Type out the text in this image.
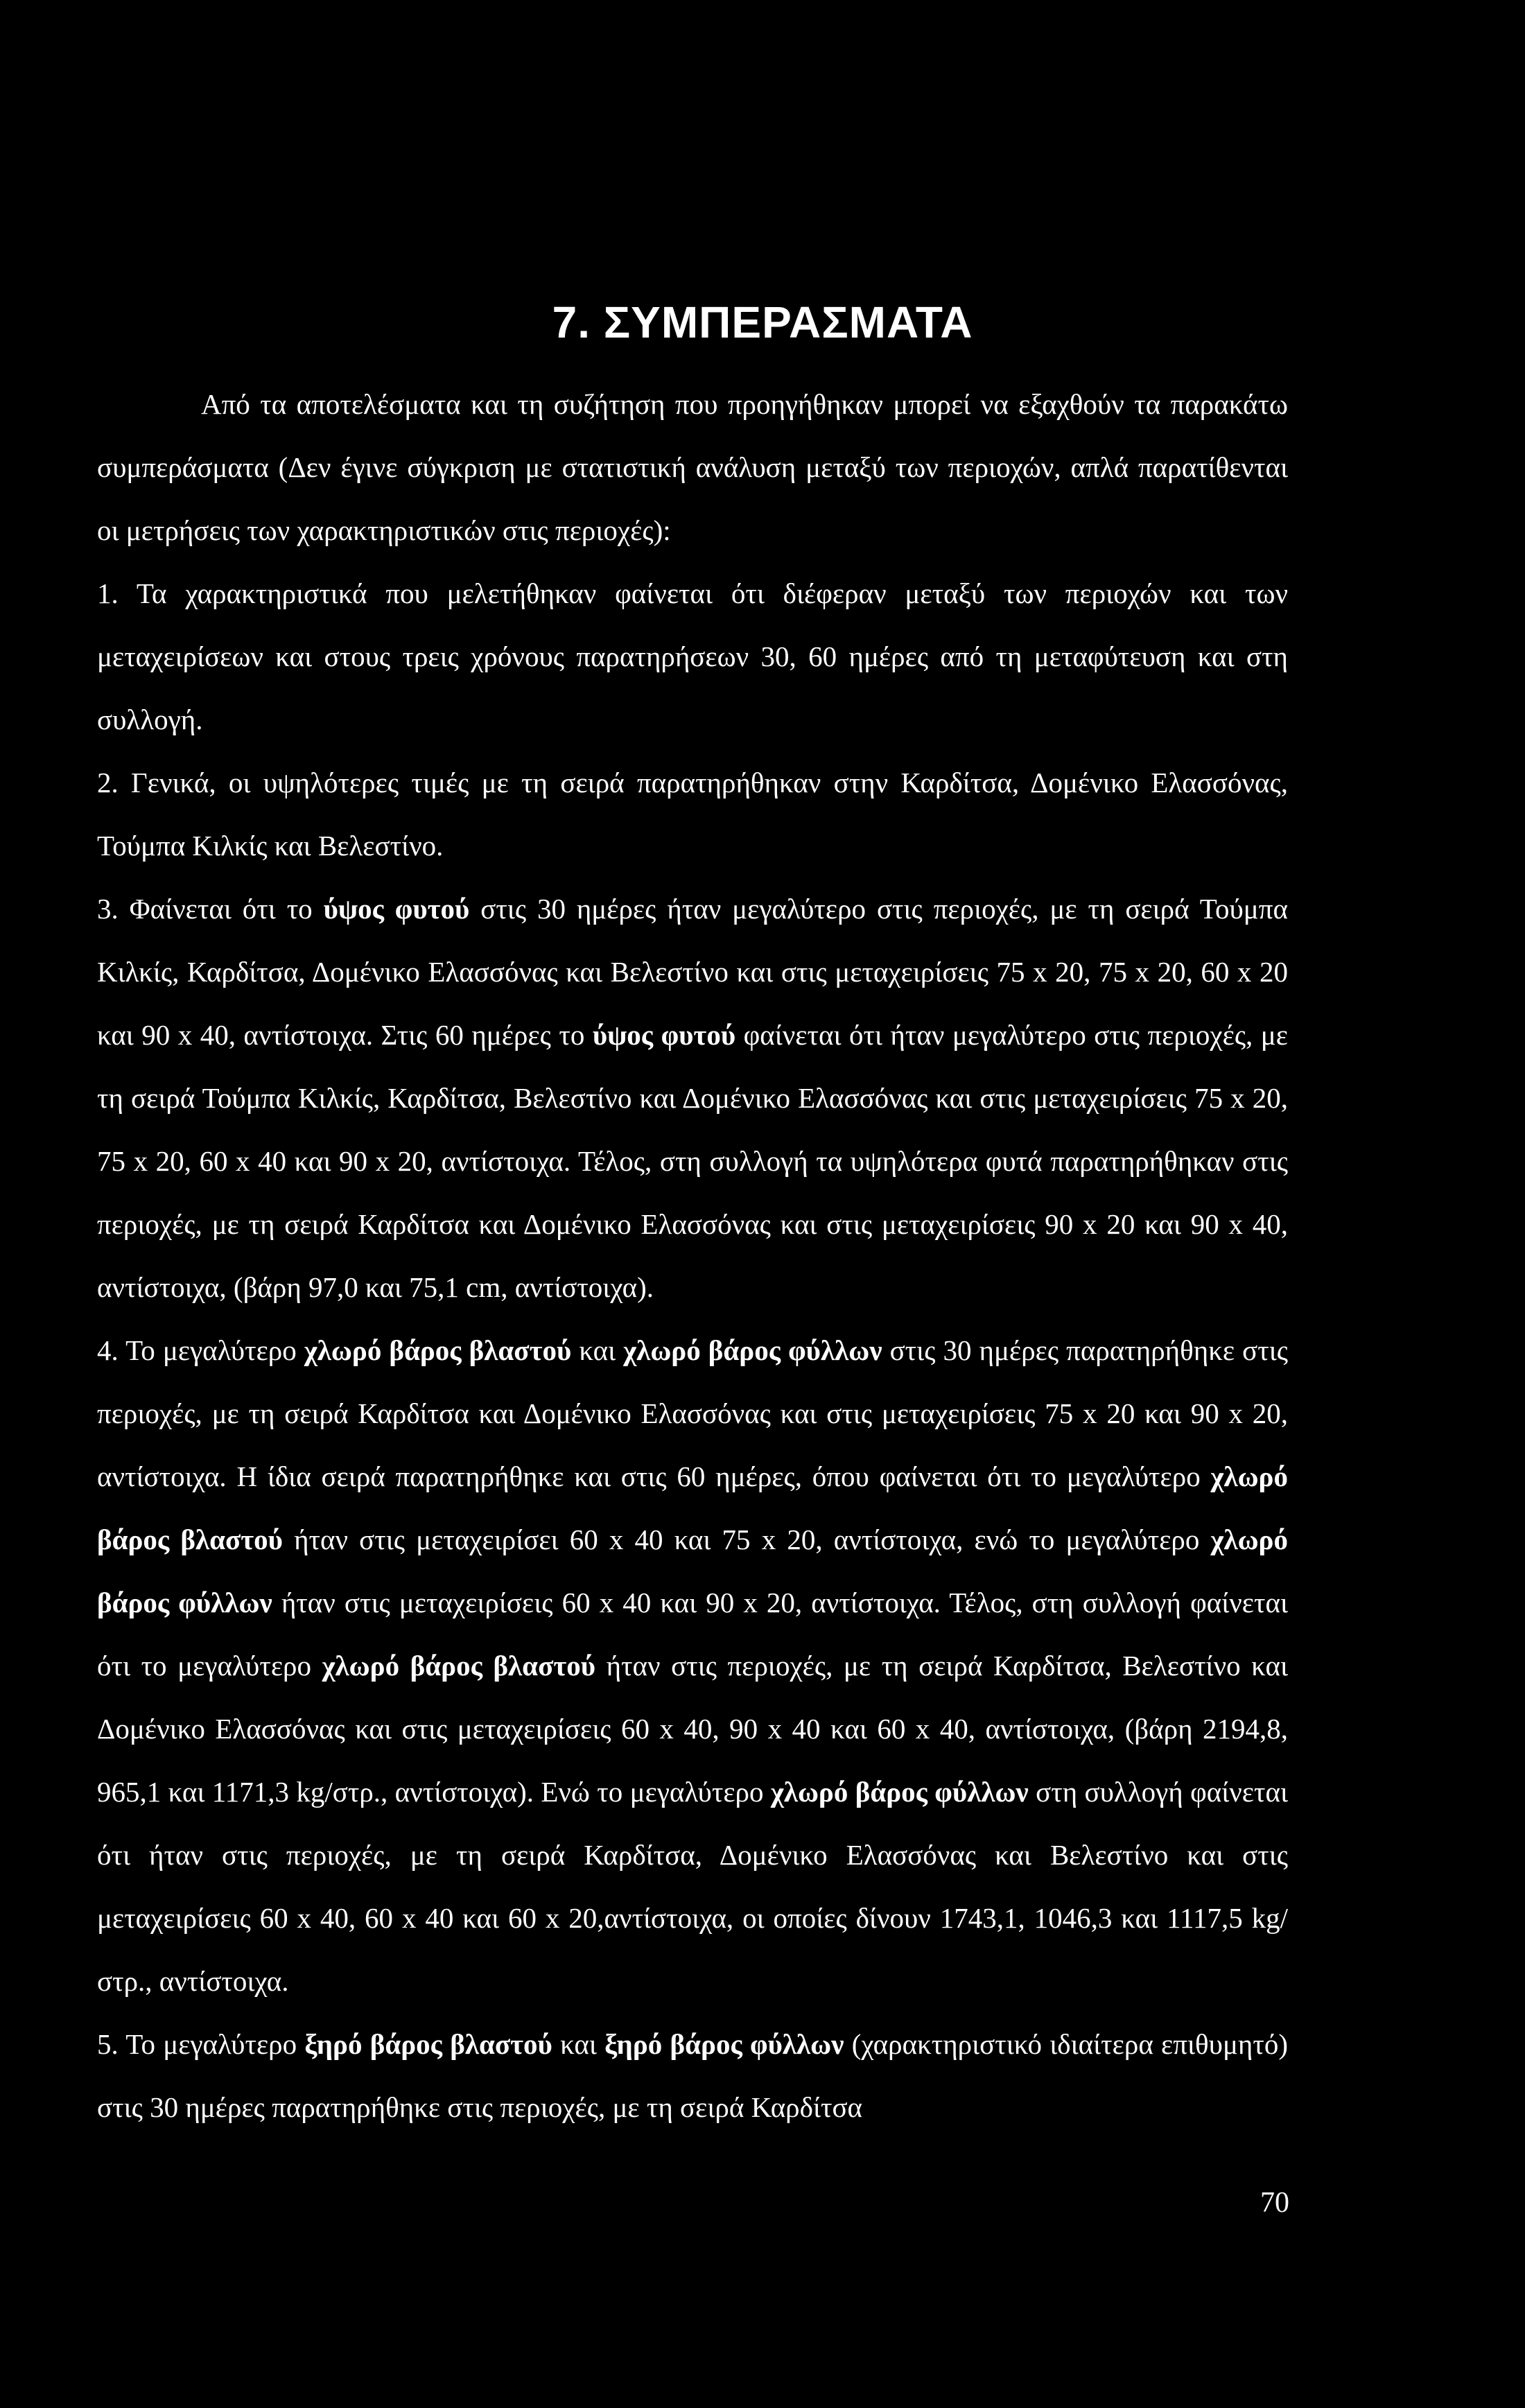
7. ΣΥΜΠΕΡΑΣΜΑΤΑ

Από τα αποτελέσματα και τη συζήτηση που προηγήθηκαν μπορεί να εξαχθούν τα παρακάτω συμπεράσματα (Δεν έγινε σύγκριση με στατιστική ανάλυση μεταξύ των περιοχών, απλά παρατίθενται οι μετρήσεις των χαρακτηριστικών στις περιοχές):

1. Τα χαρακτηριστικά που μελετήθηκαν φαίνεται ότι διέφεραν μεταξύ των περιοχών και των μεταχειρίσεων και στους τρεις χρόνους παρατηρήσεων 30, 60 ημέρες από τη μεταφύτευση και στη συλλογή.

2. Γενικά, οι υψηλότερες τιμές με τη σειρά παρατηρήθηκαν στην Καρδίτσα, Δομένικο Ελασσόνας, Τούμπα Κιλκίς και Βελεστίνο.

3. Φαίνεται ότι το ύψος φυτού στις 30 ημέρες ήταν μεγαλύτερο στις περιοχές, με τη σειρά Τούμπα Κιλκίς, Καρδίτσα, Δομένικο Ελασσόνας και Βελεστίνο και στις μεταχειρίσεις 75 x 20, 75 x 20, 60 x 20 και 90 x 40, αντίστοιχα. Στις 60 ημέρες το ύψος φυτού φαίνεται ότι ήταν μεγαλύτερο στις περιοχές, με τη σειρά Τούμπα Κιλκίς, Καρδίτσα, Βελεστίνο και Δομένικο Ελασσόνας και στις μεταχειρίσεις 75 x 20, 75 x 20, 60 x 40 και 90 x 20, αντίστοιχα. Τέλος, στη συλλογή τα υψηλότερα φυτά παρατηρήθηκαν στις περιοχές, με τη σειρά Καρδίτσα και Δομένικο Ελασσόνας και στις μεταχειρίσεις 90 x 20 και 90 x 40, αντίστοιχα, (βάρη 97,0 και 75,1 cm, αντίστοιχα).

4. Το μεγαλύτερο χλωρό βάρος βλαστού και χλωρό βάρος φύλλων στις 30 ημέρες παρατηρήθηκε στις περιοχές, με τη σειρά Καρδίτσα και Δομένικο Ελασσόνας και στις μεταχειρίσεις 75 x 20 και 90 x 20, αντίστοιχα. Η ίδια σειρά παρατηρήθηκε και στις 60 ημέρες, όπου φαίνεται ότι το μεγαλύτερο χλωρό βάρος βλαστού ήταν στις μεταχειρίσει 60 x 40 και 75 x 20, αντίστοιχα, ενώ το μεγαλύτερο χλωρό βάρος φύλλων ήταν στις μεταχειρίσεις 60 x 40 και 90 x 20, αντίστοιχα. Τέλος, στη συλλογή φαίνεται ότι το μεγαλύτερο χλωρό βάρος βλαστού ήταν στις περιοχές, με τη σειρά Καρδίτσα, Βελεστίνο και Δομένικο Ελασσόνας και στις μεταχειρίσεις 60 x 40, 90 x 40 και 60 x 40, αντίστοιχα, (βάρη 2194,8, 965,1 και 1171,3 kg/στρ., αντίστοιχα). Ενώ το μεγαλύτερο χλωρό βάρος φύλλων στη συλλογή φαίνεται ότι ήταν στις περιοχές, με τη σειρά Καρδίτσα, Δομένικο Ελασσόνας και Βελεστίνο και στις μεταχειρίσεις 60 x 40, 60 x 40 και 60 x 20,αντίστοιχα, οι οποίες δίνουν 1743,1, 1046,3 και 1117,5 kg/στρ., αντίστοιχα.

5. Το μεγαλύτερο ξηρό βάρος βλαστού και ξηρό βάρος φύλλων (χαρακτηριστικό ιδιαίτερα επιθυμητό) στις 30 ημέρες παρατηρήθηκε στις περιοχές, με τη σειρά Καρδίτσα

70
